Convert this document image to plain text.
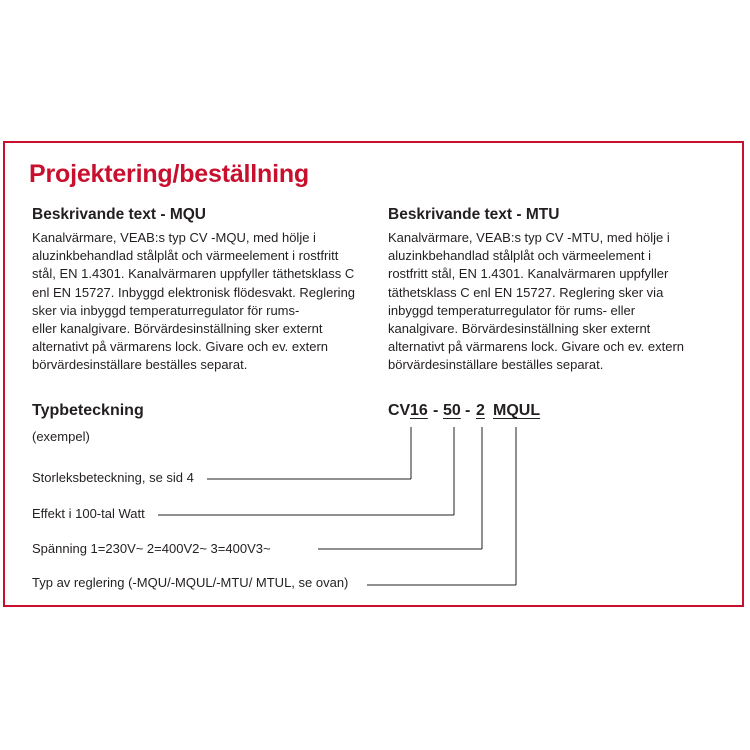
Projektering/beställning
Beskrivande text - MQU

Kanalvärmare, VEAB:s typ CV -MQU, med hölje i
aluzinkbehandlad stålplåt och värmeelement i rostfritt
stål, EN 1.4301. Kanalvärmaren uppfyller täthetsklass C
enl EN 15727. Inbyggd elektronisk flödesvakt. Reglering
sker via inbyggd temperaturregulator för rums-
eller kanalgivare. Börvärdesinställning sker externt
alternativt på värmarens lock. Givare och ev. extern
börvärdesinställare beställes separat.

Beskrivande text - MTU

Kanalvärmare, VEAB:s typ CV -MTU, med hölje i
aluzinkbehandlad stålplåt och värmeelement i
rostfritt stål, EN 1.4301. Kanalvärmaren uppfyller
täthetsklass C enl EN 15727. Reglering sker via
inbyggd temperaturregulator för rums- eller
kanalgivare. Börvärdesinställning sker externt
alternativt på värmarens lock. Givare och ev. extern
börvärdesinställare beställes separat.

Typbeteckning
(exempel)
CV 16 - 50 - 2 MQUL
Storleksbeteckning, se sid 4
Effekt i 100-tal Watt
Spänning 1=230V~ 2=400V2~ 3=400V3~
Typ av reglering (-MQU/-MQUL/-MTU/ MTUL, se ovan)
